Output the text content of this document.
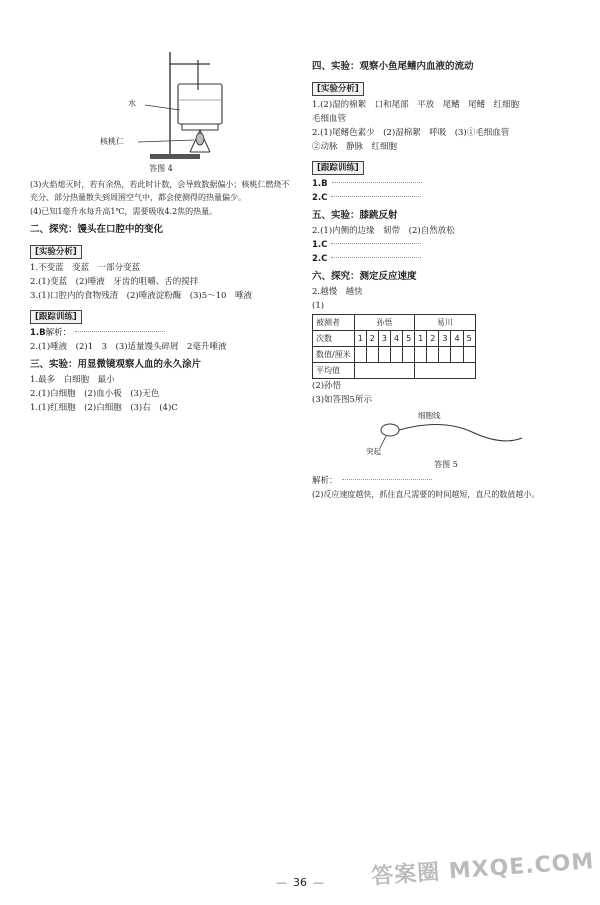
水
核桃仁
答图 4

(3)火焰熄灭时，若有余热，若此时计数，会导致数据偏小；核桃仁燃烧不充分、部分热量散失到周围空气中，都会使测得的热量偏少。

(4)已知1毫升水每升高1℃，需要吸收4.2焦的热量。

二、探究：馒头在口腔中的变化
[实验分析]
1.不变蓝　变蓝　一部分变蓝
2.(1)变蓝　(2)唾液　牙齿的咀嚼、舌的搅拌
3.(1)口腔内的食物残渣　(2)唾液淀粉酶　(3)5～10　唾液
[跟踪训练]
1.B解析：
2.(1)唾液　(2)1　3　(3)适量馒头碎屑　2毫升唾液
三、实验：用显微镜观察人血的永久涂片
1.最多　白细胞　最小
2.(1)白细胞　(2)血小板　(3)无色
1.(1)红细胞　(2)白细胞　(3)右　(4)C
四、实验：观察小鱼尾鳍内血液的流动
[实验分析]
1.(2)湿的棉絮　口和尾部　平放　尾鳍　尾鳍　红细胞
毛细血管
2.(1)尾鳍色素少　(2)湿棉絮　呼吸　(3)①毛细血管
②动脉　静脉　红细胞
[跟踪训练]
1.B
2.C
五、实验：膝跳反射
2.(1)内侧的边缘　韧带　(2)自然放松
1.C
2.C
六、探究：测定反应速度
2.越慢　越快
(1)
被测者	孙悟					易川				
次数	1	2	3	4	5	1	2	3	4	5
数值/厘米										
平均值										
(2)孙悟
(3)如答图5所示
细胞线
突起
答图 5
解析：
(2)反应速度越快，抓住直尺需要的时间越短，直尺的数值越小。
— 36 —	答案圈 MXQE.COM
